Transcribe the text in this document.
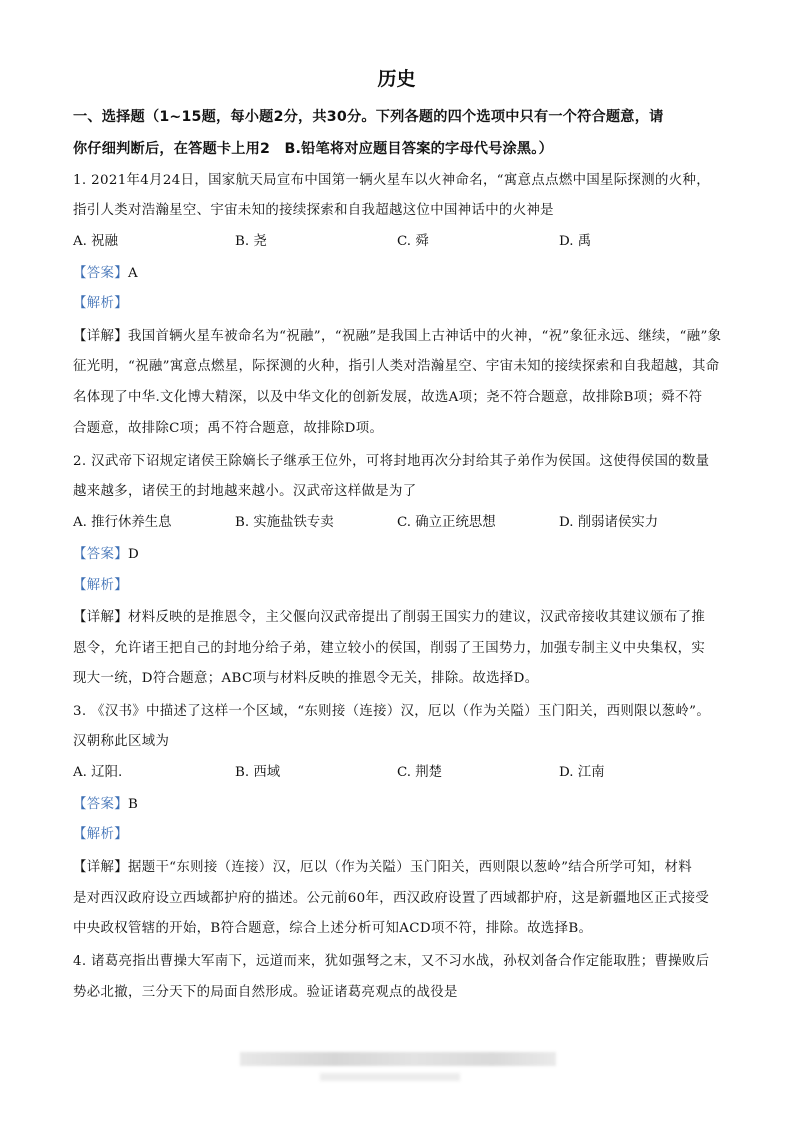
历史
一、选择题（1~15题，每小题2分，共30分。下列各题的四个选项中只有一个符合题意，请
你仔细判断后，在答题卡上用2　B.铅笔将对应题目答案的字母代号涂黑。）
1. 2021年4月24日，国家航天局宣布中国第一辆火星车以火神命名，“寓意点点燃中国星际探测的火种，
指引人类对浩瀚星空、宇宙未知的接续探索和自我超越这位中国神话中的火神是
A. 祝融	B. 尧	C. 舜	D. 禹
【答案】A
【解析】
【详解】我国首辆火星车被命名为“祝融”，“祝融”是我国上古神话中的火神，“祝”象征永远、继续，“融”象
征光明，“祝融”寓意点燃星，际探测的火种，指引人类对浩瀚星空、宇宙未知的接续探索和自我超越，其命
名体现了中华.文化博大精深，以及中华文化的创新发展，故选A项；尧不符合题意，故排除B项；舜不符
合题意，故排除C项；禹不符合题意，故排除D项。
2. 汉武帝下诏规定诸侯王除嫡长子继承王位外，可将封地再次分封给其子弟作为侯国。这使得侯国的数量
越来越多，诸侯王的封地越来越小。汉武帝这样做是为了
A. 推行休养生息	B. 实施盐铁专卖	C. 确立正统思想	D. 削弱诸侯实力
【答案】D
【解析】
【详解】材料反映的是推恩令，主父偃向汉武帝提出了削弱王国实力的建议，汉武帝接收其建议颁布了推
恩令，允许诸王把自己的封地分给子弟，建立较小的侯国，削弱了王国势力，加强专制主义中央集权，实
现大一统，D符合题意；ABC项与材料反映的推恩令无关，排除。故选择D。
3. 《汉书》中描述了这样一个区域，“东则接（连接）汉，厄以（作为关隘）玉门阳关，西则限以葱岭”。
汉朝称此区域为
A. 辽阳.	B. 西域	C. 荆楚	D. 江南
【答案】B
【解析】
【详解】据题干“东则接（连接）汉，厄以（作为关隘）玉门阳关，西则限以葱岭”结合所学可知，材料
是对西汉政府设立西域都护府的描述。公元前60年，西汉政府设置了西域都护府，这是新疆地区正式接受
中央政权管辖的开始，B符合题意，综合上述分析可知ACD项不符，排除。故选择B。
4. 诸葛亮指出曹操大军南下，远道而来，犹如强弩之末，又不习水战，孙权刘备合作定能取胜；曹操败后
势必北撤，三分天下的局面自然形成。验证诸葛亮观点的战役是
